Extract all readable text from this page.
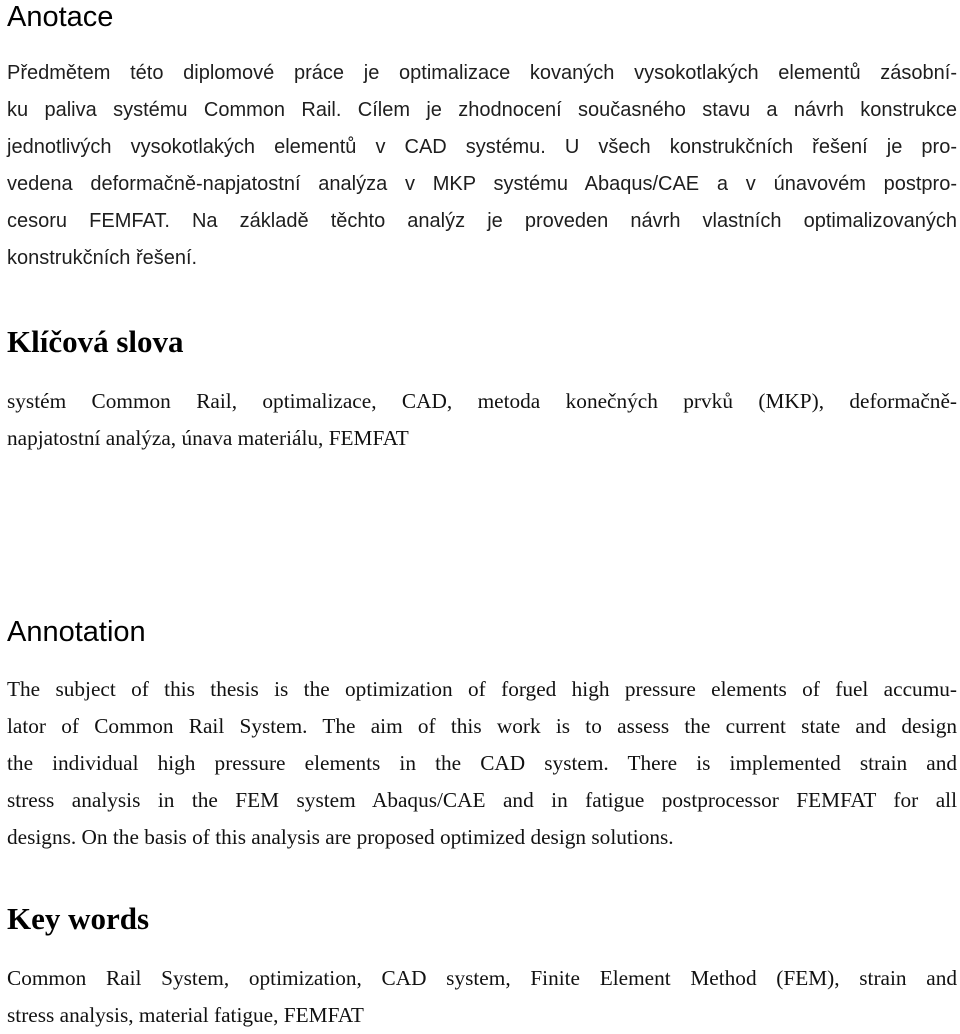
Anotace
Předmětem této diplomové práce je optimalizace kovaných vysokotlakých elementů zásobní-
ku paliva systému Common Rail. Cílem je zhodnocení současného stavu a návrh konstrukce
jednotlivých vysokotlakých elementů v CAD systému. U všech konstrukčních řešení je pro-
vedena deformačně-napjatostní analýza v MKP systému Abaqus/CAE a v únavovém postpro-
cesoru FEMFAT. Na základě těchto analýz je proveden návrh vlastních optimalizovaných
konstrukčních řešení.
Klíčová slova
systém Common Rail, optimalizace, CAD, metoda konečných prvků (MKP), deformačně-
napjatostní analýza, únava materiálu, FEMFAT
Annotation
The subject of this thesis is the optimization of forged high pressure elements of fuel accumu-
lator of Common Rail System. The aim of this work is to assess the current state and design
the individual high pressure elements in the CAD system. There is implemented strain and
stress analysis in the FEM system Abaqus/CAE and in fatigue postprocessor FEMFAT for all
designs. On the basis of this analysis are proposed optimized design solutions.
Key words
Common Rail System, optimization, CAD system, Finite Element Method (FEM), strain and
stress analysis, material fatigue, FEMFAT
